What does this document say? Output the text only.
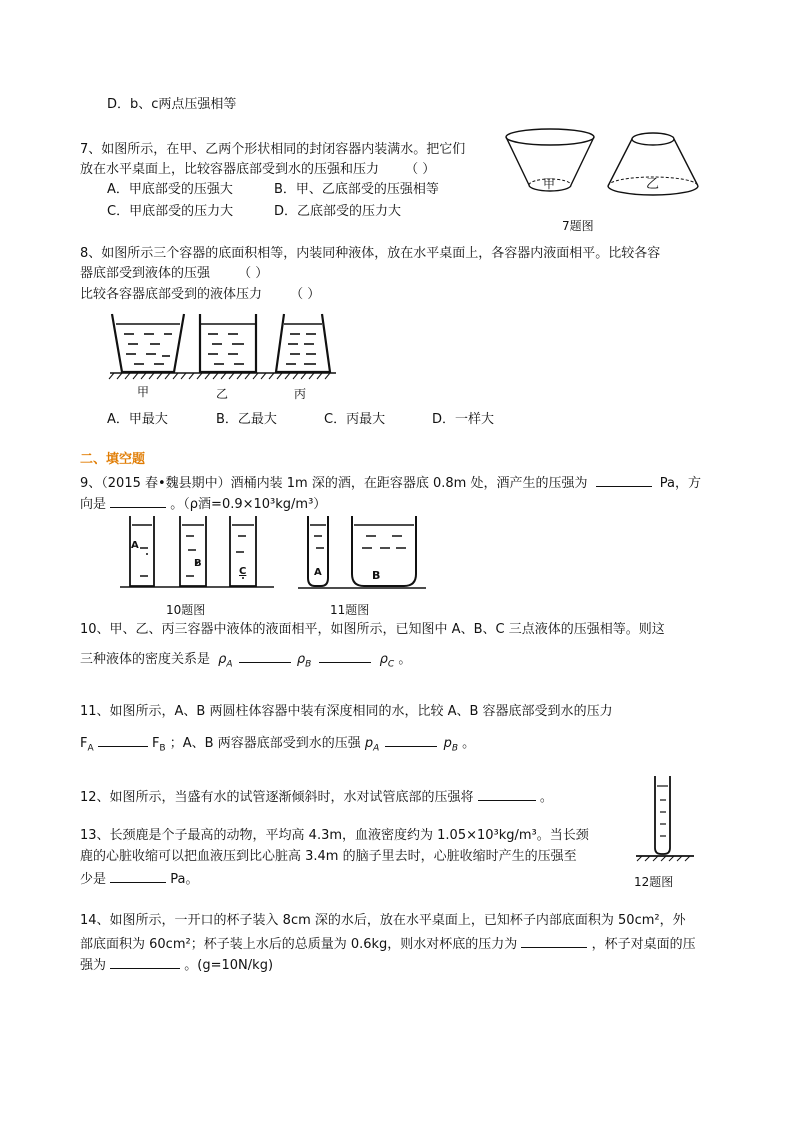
D．b、c两点压强相等
7、如图所示，在甲、乙两个形状相同的封闭容器内装满水。把它们
放在水平桌面上，比较容器底部受到水的压强和压力 （ ）
A．甲底部受的压强大	B．甲、乙底部受的压强相等
C．甲底部受的压力大	D．乙底部受的压力大
甲	乙
7题图
8、如图所示三个容器的底面积相等，内装同种液体，放在水平桌面上，各容器内液面相平。比较各容
器底部受到液体的压强 （ ）
比较各容器底部受到的液体压力 （ ）
甲	乙	丙
A．甲最大	B．乙最大	C．丙最大	D．一样大
二、填空题
9、（2015 春•魏县期中）酒桶内装 1m 深的酒，在距容器底 0.8m 处，酒产生的压强为	Pa，方
向是	。（ρ酒=0.9×10³kg/m³）
A
B
C
10题图
A	B
11题图
10、甲、乙、丙三容器中液体的液面相平，如图所示，已知图中 A、B、C 三点液体的压强相等。则这
三种液体的密度关系是 $\rho_A$	$\rho_B$	$\rho_C$ 。
11、如图所示，A、B 两圆柱体容器中装有深度相同的水，比较 A、B 容器底部受到水的压力
$F_A$	$F_B$ ；A、B 两容器底部受到水的压强 $p_A$	$p_B$ 。
12、如图所示，当盛有水的试管逐渐倾斜时，水对试管底部的压强将	。
12题图
13、长颈鹿是个子最高的动物，平均高 4.3m，血液密度约为 1.05×10³kg/m³。当长颈
鹿的心脏收缩可以把血液压到比心脏高 3.4m 的脑子里去时，心脏收缩时产生的压强至
少是	Pa。
14、如图所示，一开口的杯子装入 8cm 深的水后，放在水平桌面上，已知杯子内部底面积为 50cm²，外
部底面积为 60cm²；杯子装上水后的总质量为 0.6kg，则水对杯底的压力为	，杯子对桌面的压
强为	。(g=10N/kg)
